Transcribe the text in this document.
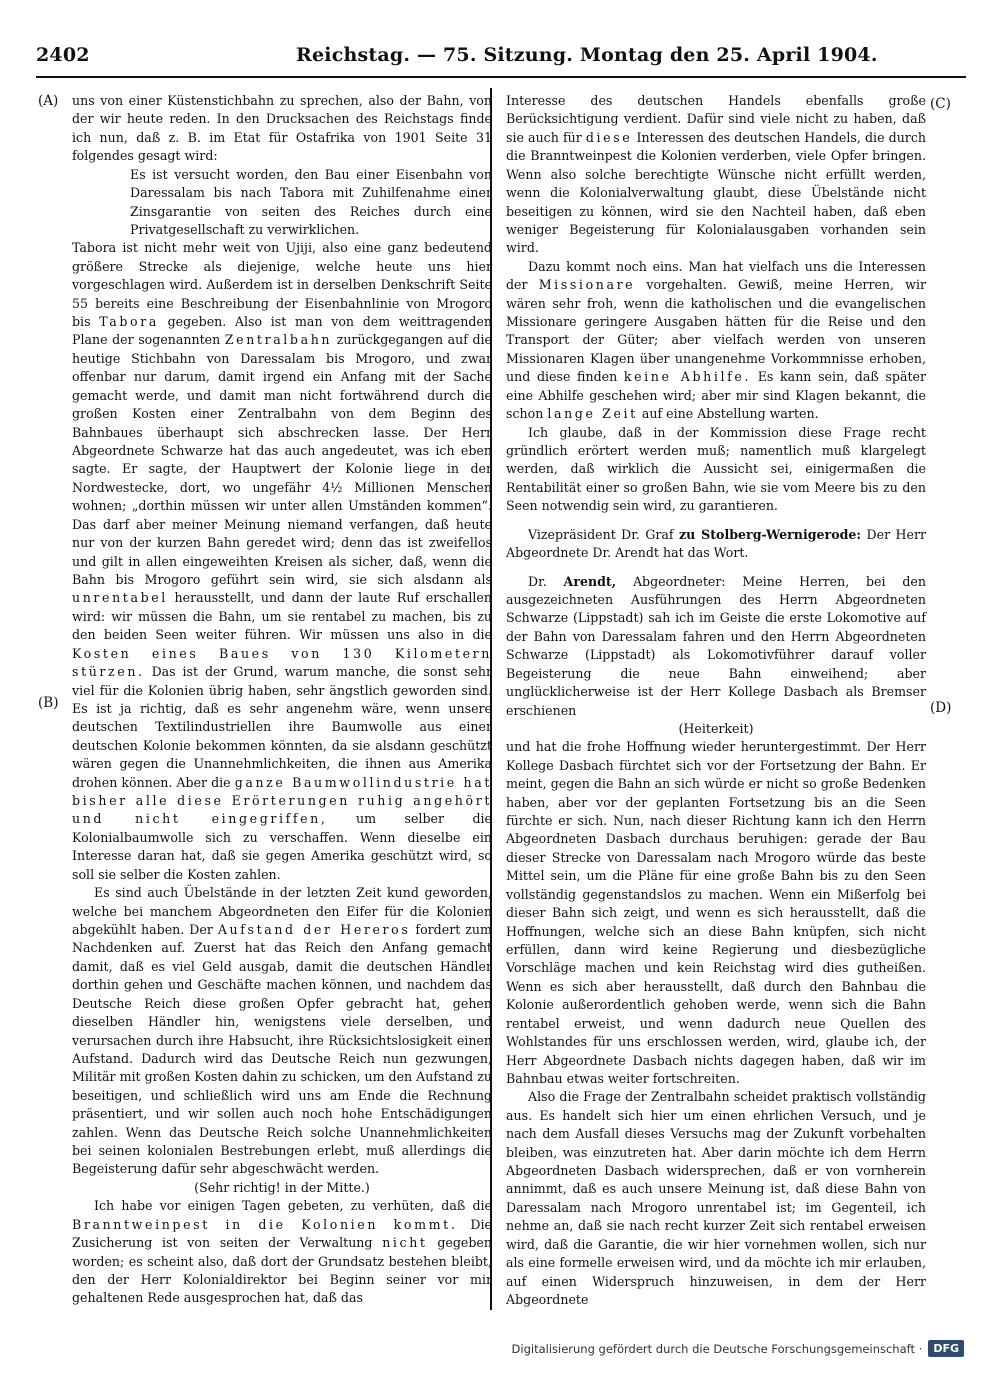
2402	Reichstag. — 75. Sitzung. Montag den 25. April 1904.
(A)
(B)
(C)
(D)

uns von einer Küstenstichbahn zu sprechen, also der Bahn, von der wir heute reden. In den Drucksachen des Reichstags finde ich nun, daß z. B. im Etat für Ostafrika von 1901 Seite 31 folgendes gesagt wird:

Es ist versucht worden, den Bau einer Eisenbahn von Daressalam bis nach Tabora mit Zuhilfenahme einer Zinsgarantie von seiten des Reiches durch eine Privatgesellschaft zu verwirklichen.

Tabora ist nicht mehr weit von Ujiji, also eine ganz bedeutend größere Strecke als diejenige, welche heute uns hier vorgeschlagen wird. Außerdem ist in derselben Denkschrift Seite 55 bereits eine Beschreibung der Eisenbahnlinie von Mrogoro bis Tabora gegeben. Also ist man von dem weittragenden Plane der sogenannten Zentralbahn zurückgegangen auf die heutige Stichbahn von Daressalam bis Mrogoro, und zwar offenbar nur darum, damit irgend ein Anfang mit der Sache gemacht werde, und damit man nicht fortwährend durch die großen Kosten einer Zentralbahn von dem Beginn des Bahnbaues überhaupt sich abschrecken lasse. Der Herr Abgeordnete Schwarze hat das auch angedeutet, was ich eben sagte. Er sagte, der Hauptwert der Kolonie liege in der Nordwestecke, dort, wo ungefähr 4½ Millionen Menschen wohnen; „dorthin müssen wir unter allen Umständen kommen“. Das darf aber meiner Meinung niemand verfangen, daß heute nur von der kurzen Bahn geredet wird; denn das ist zweifellos und gilt in allen eingeweihten Kreisen als sicher, daß, wenn die Bahn bis Mrogoro geführt sein wird, sie sich alsdann als unrentabel herausstellt, und dann der laute Ruf erschallen wird: wir müssen die Bahn, um sie rentabel zu machen, bis zu den beiden Seen weiter führen. Wir müssen uns also in die Kosten eines Baues von 130 Kilometern stürzen. Das ist der Grund, warum manche, die sonst sehr viel für die Kolonien übrig haben, sehr ängstlich geworden sind. Es ist ja richtig, daß es sehr angenehm wäre, wenn unsere deutschen Textilindustriellen ihre Baumwolle aus einer deutschen Kolonie bekommen könnten, da sie alsdann geschützt wären gegen die Unannehmlichkeiten, die ihnen aus Amerika drohen können. Aber die ganze Baumwollindustrie hat bisher alle diese Erörterungen ruhig angehört und nicht eingegriffen, um selber die Kolonialbaumwolle sich zu verschaffen. Wenn dieselbe ein Interesse daran hat, daß sie gegen Amerika geschützt wird, so soll sie selber die Kosten zahlen.

Es sind auch Übelstände in der letzten Zeit kund geworden, welche bei manchem Abgeordneten den Eifer für die Kolonien abgekühlt haben. Der Aufstand der Hereros fordert zum Nachdenken auf. Zuerst hat das Reich den Anfang gemacht damit, daß es viel Geld ausgab, damit die deutschen Händler dorthin gehen und Geschäfte machen können, und nachdem das Deutsche Reich diese großen Opfer gebracht hat, gehen dieselben Händler hin, wenigstens viele derselben, und verursachen durch ihre Habsucht, ihre Rücksichtslosigkeit einen Aufstand. Dadurch wird das Deutsche Reich nun gezwungen, Militär mit großen Kosten dahin zu schicken, um den Aufstand zu beseitigen, und schließlich wird uns am Ende die Rechnung präsentiert, und wir sollen auch noch hohe Entschädigungen zahlen. Wenn das Deutsche Reich solche Unannehmlichkeiten bei seinen kolonialen Bestrebungen erlebt, muß allerdings die Begeisterung dafür sehr abgeschwächt werden.

(Sehr richtig! in der Mitte.)

Ich habe vor einigen Tagen gebeten, zu verhüten, daß die Branntweinpest in die Kolonien kommt. Die Zusicherung ist von seiten der Verwaltung nicht gegeben worden; es scheint also, daß dort der Grundsatz bestehen bleibt, den der Herr Kolonialdirektor bei Beginn seiner vor mir gehaltenen Rede ausgesprochen hat, daß das

Interesse des deutschen Handels ebenfalls große Berücksichtigung verdient. Dafür sind viele nicht zu haben, daß sie auch für diese Interessen des deutschen Handels, die durch die Branntweinpest die Kolonien verderben, viele Opfer bringen. Wenn also solche berechtigte Wünsche nicht erfüllt werden, wenn die Kolonialverwaltung glaubt, diese Übelstände nicht beseitigen zu können, wird sie den Nachteil haben, daß eben weniger Begeisterung für Kolonialausgaben vorhanden sein wird.

Dazu kommt noch eins. Man hat vielfach uns die Interessen der Missionare vorgehalten. Gewiß, meine Herren, wir wären sehr froh, wenn die katholischen und die evangelischen Missionare geringere Ausgaben hätten für die Reise und den Transport der Güter; aber vielfach werden von unseren Missionaren Klagen über unangenehme Vorkommnisse erhoben, und diese finden keine Abhilfe. Es kann sein, daß später eine Abhilfe geschehen wird; aber mir sind Klagen bekannt, die schon lange Zeit auf eine Abstellung warten.

Ich glaube, daß in der Kommission diese Frage recht gründlich erörtert werden muß; namentlich muß klargelegt werden, daß wirklich die Aussicht sei, einigermaßen die Rentabilität einer so großen Bahn, wie sie vom Meere bis zu den Seen notwendig sein wird, zu garantieren.

Vizepräsident Dr. Graf zu Stolberg-Wernigerode: Der Herr Abgeordnete Dr. Arendt hat das Wort.

Dr. Arendt, Abgeordneter: Meine Herren, bei den ausgezeichneten Ausführungen des Herrn Abgeordneten Schwarze (Lippstadt) sah ich im Geiste die erste Lokomotive auf der Bahn von Daressalam fahren und den Herrn Abgeordneten Schwarze (Lippstadt) als Lokomotivführer darauf voller Begeisterung die neue Bahn einweihend; aber unglücklicherweise ist der Herr Kollege Dasbach als Bremser erschienen

(Heiterkeit)

und hat die frohe Hoffnung wieder heruntergestimmt. Der Herr Kollege Dasbach fürchtet sich vor der Fortsetzung der Bahn. Er meint, gegen die Bahn an sich würde er nicht so große Bedenken haben, aber vor der geplanten Fortsetzung bis an die Seen fürchte er sich. Nun, nach dieser Richtung kann ich den Herrn Abgeordneten Dasbach durchaus beruhigen: gerade der Bau dieser Strecke von Daressalam nach Mrogoro würde das beste Mittel sein, um die Pläne für eine große Bahn bis zu den Seen vollständig gegenstandslos zu machen. Wenn ein Mißerfolg bei dieser Bahn sich zeigt, und wenn es sich herausstellt, daß die Hoffnungen, welche sich an diese Bahn knüpfen, sich nicht erfüllen, dann wird keine Regierung und diesbezügliche Vorschläge machen und kein Reichstag wird dies gutheißen. Wenn es sich aber herausstellt, daß durch den Bahnbau die Kolonie außerordentlich gehoben werde, wenn sich die Bahn rentabel erweist, und wenn dadurch neue Quellen des Wohlstandes für uns erschlossen werden, wird, glaube ich, der Herr Abgeordnete Dasbach nichts dagegen haben, daß wir im Bahnbau etwas weiter fortschreiten.

Also die Frage der Zentralbahn scheidet praktisch vollständig aus. Es handelt sich hier um einen ehrlichen Versuch, und je nach dem Ausfall dieses Versuchs mag der Zukunft vorbehalten bleiben, was einzutreten hat. Aber darin möchte ich dem Herrn Abgeordneten Dasbach widersprechen, daß er von vornherein annimmt, daß es auch unsere Meinung ist, daß diese Bahn von Daressalam nach Mrogoro unrentabel ist; im Gegenteil, ich nehme an, daß sie nach recht kurzer Zeit sich rentabel erweisen wird, daß die Garantie, die wir hier vornehmen wollen, sich nur als eine formelle erweisen wird, und da möchte ich mir erlauben, auf einen Widerspruch hinzuweisen, in dem der Herr Abgeordnete

Digitalisierung gefördert durch die Deutsche Forschungsgemeinschaft ·	DFG
